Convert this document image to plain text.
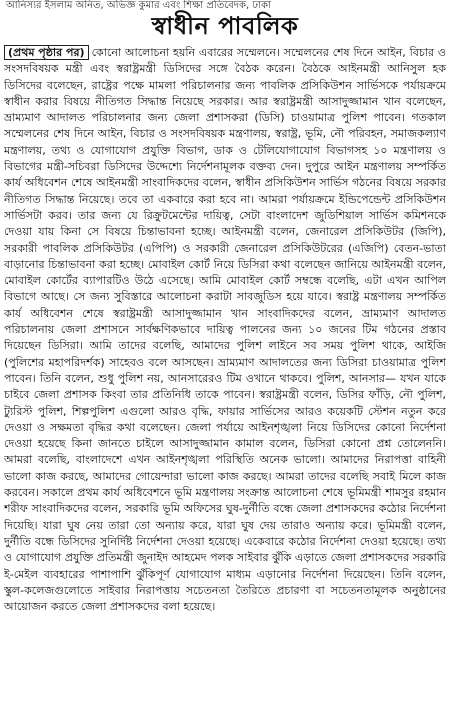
আনিস্যর ইসলাম অনিত, অভিজ্ঞ কুমার এবং শিক্ষা প্রতিবেদক, ঢাকা
স্বাধীন পাবলিক

(প্রথম পৃষ্ঠার পর) কোনো আলোচনা হয়নি এবারের সম্মেলনে। সম্মেলনের শেষ দিনে আইন, বিচার ও সংসদবিষয়ক মন্ত্রী এবং স্বরাষ্ট্রমন্ত্রী ডিসিদের সঙ্গে বৈঠক করেন। বৈঠকে আইনমন্ত্রী আনিসুল হক ডিসিদের বলেছেন, রাষ্ট্রের পক্ষে মামলা পরিচালনার জন্য পাবলিক প্রসিকিউশন সার্ভিসকে পর্যায়ক্রমে স্বাধীন করার বিষয়ে নীতিগত সিদ্ধান্ত নিয়েছে সরকার। আর স্বরাষ্ট্রমন্ত্রী আসাদুজ্জামান খান বলেছেন, ভ্রাম্যমাণ আদালত পরিচালনার জন্য জেলা প্রশাসকরা (ডিসি) চাওয়ামাত্র পুলিশ পাবেন। গতকাল সম্মেলনের শেষ দিনে আইন, বিচার ও সংসদবিষয়ক মন্ত্রণালয়, স্বরাষ্ট্র, ভূমি, নৌ পরিবহন, সমাজকল্যাণ মন্ত্রণালয়, তথ্য ও যোগাযোগ প্রযুক্তি বিভাগ, ডাক ও টেলিযোগাযোগ বিভাগসহ ১০ মন্ত্রণালয় ও বিভাগের মন্ত্রী-সচিবরা ডিসিদের উদ্দেশ্যে নির্দেশনামূলক বক্তব্য দেন। দুপুরে আইন মন্ত্রণালয় সম্পর্কিত কার্য অধিবেশন শেষে আইনমন্ত্রী সাংবাদিকদের বলেন, স্বাধীন প্রসিকিউশন সার্ভিস গঠনের বিষয়ে সরকার নীতিগত সিদ্ধান্ত নিয়েছে। তবে তা একবারে করা হবে না। আমরা পর্যায়ক্রমে ইন্ডিপেন্ডেন্ট প্রসিকিউশন সার্ভিসটা করব। তার জন্য যে রিক্রুটমেন্টের দায়িত্ব, সেটা বাংলাদেশ জুডিশিয়াল সার্ভিস কমিশনকে দেওয়া যায় কিনা সে বিষয়ে চিন্তাভাবনা হচ্ছে। আইনমন্ত্রী বলেন, জেনারেল প্রসিকিউটর (জিপি), সরকারী পাবলিক প্রসিকিউটর (এপিপি) ও সরকারী জেনারেল প্রসিকিউটরের (এজিপি) বেতন-ভাতা বাড়ানোর চিন্তাভাবনা করা হচ্ছে। মোবাইল কোর্ট নিয়ে ডিসিরা কথা বলেছেন জানিয়ে আইনমন্ত্রী বলেন, মোবাইল কোর্টের ব্যাপারটিও উঠে এসেছে। আমি মোবাইল কোর্ট সম্বন্ধে বলেছি, এটা এখন আপিল বিভাগে আছে। সে জন্য সুবিস্তারে আলোচনা করাটা সাবজুডিস হয়ে যাবে। স্বরাষ্ট্র মন্ত্রণালয় সম্পর্কিত কার্য অধিবেশন শেষে স্বরাষ্ট্রমন্ত্রী আসাদুজ্জামান খান সাংবাদিকদের বলেন, ভ্রাম্যমাণ আদালত পরিচালনায় জেলা প্রশাসনে সার্বক্ষণিকভাবে দায়িত্ব পালনের জন্য ১০ জনের টিম গঠনের প্রস্তাব দিয়েছেন ডিসিরা। আমি তাদের বলেছি, আমাদের পুলিশ লাইনে সব সময় পুলিশ থাকে, আইজি (পুলিশের মহাপরিদর্শক) সাহেবও বলে আসছেন। ভ্রাম্যমাণ আদালতের জন্য ডিসিরা চাওয়ামাত্র পুলিশ পাবেন। তিনি বলেন, শুধু পুলিশ নয়, আনসারেরও টিম ওখানে থাকবে। পুলিশ, আনসার— যখন যাকে চাইবে জেলা প্রশাসক কিংবা তার প্রতিনিধি তাকে পাবেন। স্বরাষ্ট্রমন্ত্রী বলেন, ডিসির ফাঁড়ি, নৌ পুলিশ, ট্যুরিস্ট পুলিশ, শিল্পপুলিশ এগুলো আরও বৃদ্ধি, ফায়ার সার্ভিসের আরও কয়েকটি স্টেশন নতুন করে দেওয়া ও সক্ষমতা বৃদ্ধির কথা বলেছেন। জেলা পর্যায়ে আইনশৃঙ্খলা নিয়ে ডিসিদের কোনো নির্দেশনা দেওয়া হয়েছে কিনা জানতে চাইলে আসাদুজ্জামান কামাল বলেন, ডিসিরা কোনো প্রশ্ন তোলেননি। আমরা বলেছি, বাংলাদেশে এখন আইনশৃঙ্খলা পরিস্থিতি অনেক ভালো। আমাদের নিরাপত্তা বাহিনী ভালো কাজ করছে, আমাদের গোয়েন্দারা ভালো কাজ করছে। আমরা তাদের বলেছি সবাই মিলে কাজ করবেন। সকালে প্রথম কার্য অধিবেশনে ভূমি মন্ত্রণালয় সংক্রান্ত আলোচনা শেষে ভূমিমন্ত্রী শামসুর রহমান শরীফ সাংবাদিকদের বলেন, সরকারি ভূমি অফিসের ঘুষ-দুর্নীতি বন্ধে জেলা প্রশাসকদের কঠোর নির্দেশনা দিয়েছি। যারা ঘুষ নেয় তারা তো অন্যায় করে, যারা ঘুষ দেয় তারাও অন্যায় করে। ভূমিমন্ত্রী বলেন, দুর্নীতি বন্ধে ডিসিদের সুনির্দিষ্ট নির্দেশনা দেওয়া হয়েছে। একেবারে কঠোর নির্দেশনা দেওয়া হয়েছে। তথ্য ও যোগাযোগ প্রযুক্তি প্রতিমন্ত্রী জুনাইদ আহমেদ পলক সাইবার ঝুঁকি এড়াতে জেলা প্রশাসকদের সরকারি ই-মেইল ব্যবহারের পাশাপাশি ঝুঁকিপূর্ণ যোগাযোগ মাধ্যম এড়ানোর নির্দেশনা দিয়েছেন। তিনি বলেন, স্কুল-কলেজগুলোতে সাইবার নিরাপত্তায় সচেতনতা তৈরিতে প্রচারণা বা সচেতনতামূলক অনুষ্ঠানের আয়োজন করতে জেলা প্রশাসকদের বলা হয়েছে।
